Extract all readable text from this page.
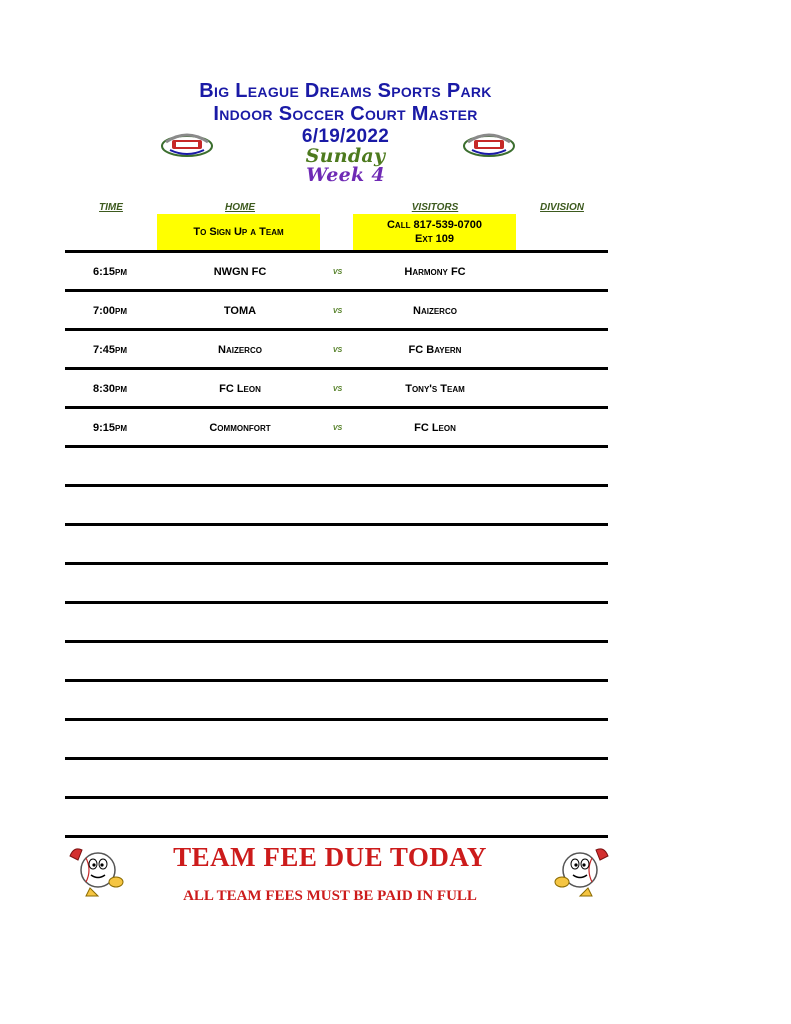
Big League Dreams Sports Park
Indoor Soccer Court Master
6/19/2022
Sunday
Week 4
TIME	HOME	VISITORS	DIVISION
To Sign Up a Team
Call 817-539-0700
Ext 109
6:15pm	NWGN FC	vs	Harmony FC
7:00pm	TOMA	vs	Naizerco
7:45pm	Naizerco	vs	FC Bayern
8:30pm	FC Leon	vs	Tony's Team
9:15pm	Commonfort	vs	FC Leon
TEAM FEE DUE TODAY
ALL TEAM FEES MUST BE PAID IN FULL
